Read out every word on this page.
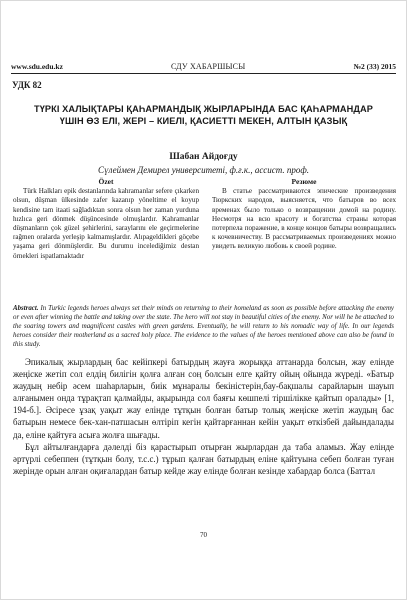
www.sdu.edu.kz	СДУ ХАБАРШЫСЫ	№2 (33) 2015
УДК 82
ТҮРКІ ХАЛЫҚТАРЫ ҚАҺАРМАНДЫҚ ЖЫРЛАРЫНДА БАС ҚАҺАРМАНДАР ҮШІН ӨЗ ЕЛІ, ЖЕРІ – КИЕЛІ, ҚАСИЕТТІ МЕКЕН, АЛТЫН ҚАЗЫҚ
Шабан Айдоғду
Сүлеймен Демирел университеті, ф.ғ.к., ассист. проф.
Özet

Türk Halkları epik destanlarında kahramanlar sefere çıkarken olsun, düşman ülkesinde zafer kazanıp yöneltime el koyup kendisine tam itaati sağladıktan sonra olsun her zaman yurduna hızlıca geri dönmek düşüncesinde olmuşlardır. Kahramanlar düşmanların çok güzel şehirlerini, saraylarını ele geçirmelerine rağmen oralarda yerleşip kalmamışlardır. Alıpageldikleri göçebe yaşama geri dönmüşlerdir. Bu durumu incelediğimiz destan örnekleri ispatlamaktadır

Резюме

В статье рассматриваются эпические произведения Тюркских народов, выясняется, что батыров во всех временах было только о возвращении домой на родину. Несмотря на всю красоту и богатства страны которая потерпела поражение, в конце концов батыры возвращались к кочевничеству. В рассматриваемых произведениях можно увидеть великую любовь к своей родине.

Abstract. In Turkic legends heroes always set their minds on returning to their homeland as soon as possible before attacking the enemy or even after winning the battle and taking over the state. The hero will not stay in beautiful cities of the enemy. Nor will he be attached to the soaring towers and magnificent castles with green gardens. Eventually, he will return to his nomadic way of life. In our legends heroes consider their motherland as a sacred holy place. The evidence to the values of the heroes mentioned above can also be found in this study.

Эпикалық жырлардың бас кейіпкері батырдың жауға жорыққа аттанарда болсын, жау елінде жеңіске жетіп сол елдің билігін қолға алған соң болсын елге қайту ойың ойында жүреді. «Батыр жаудың небір әсем шаһарларын, биік мұнаралы бекіністерін,бау-бақшалы сарайларын шауып алғанымен онда тұрақтап қалмайды, ақырында сол баяғы көшпелі тіршілікке қайтып оралады» [1, 194-б.]. Әсіресе ұзақ уақыт жау елінде тұтқын болған батыр толық жеңіске жетіп жаудың бас батырын немесе бек-хан-патшасын өлтіріп кегін қайтарғаннан кейін уақыт өткізбей дайындалады да, еліне қайтуға асыға жолға шығады.

Бұл айтылғандарға дәлелді біз қарастырып отырған жырлардан да таба аламыз. Жау елінде әртүрлі себеппен (тұтқын болу, т.с.с.) тұрып қалған батырдың еліне қайтуына себеп болған туған жерінде орын алған оқиғалардан батыр кейде жау елінде болған кезінде хабардар болса (Баттал

70
